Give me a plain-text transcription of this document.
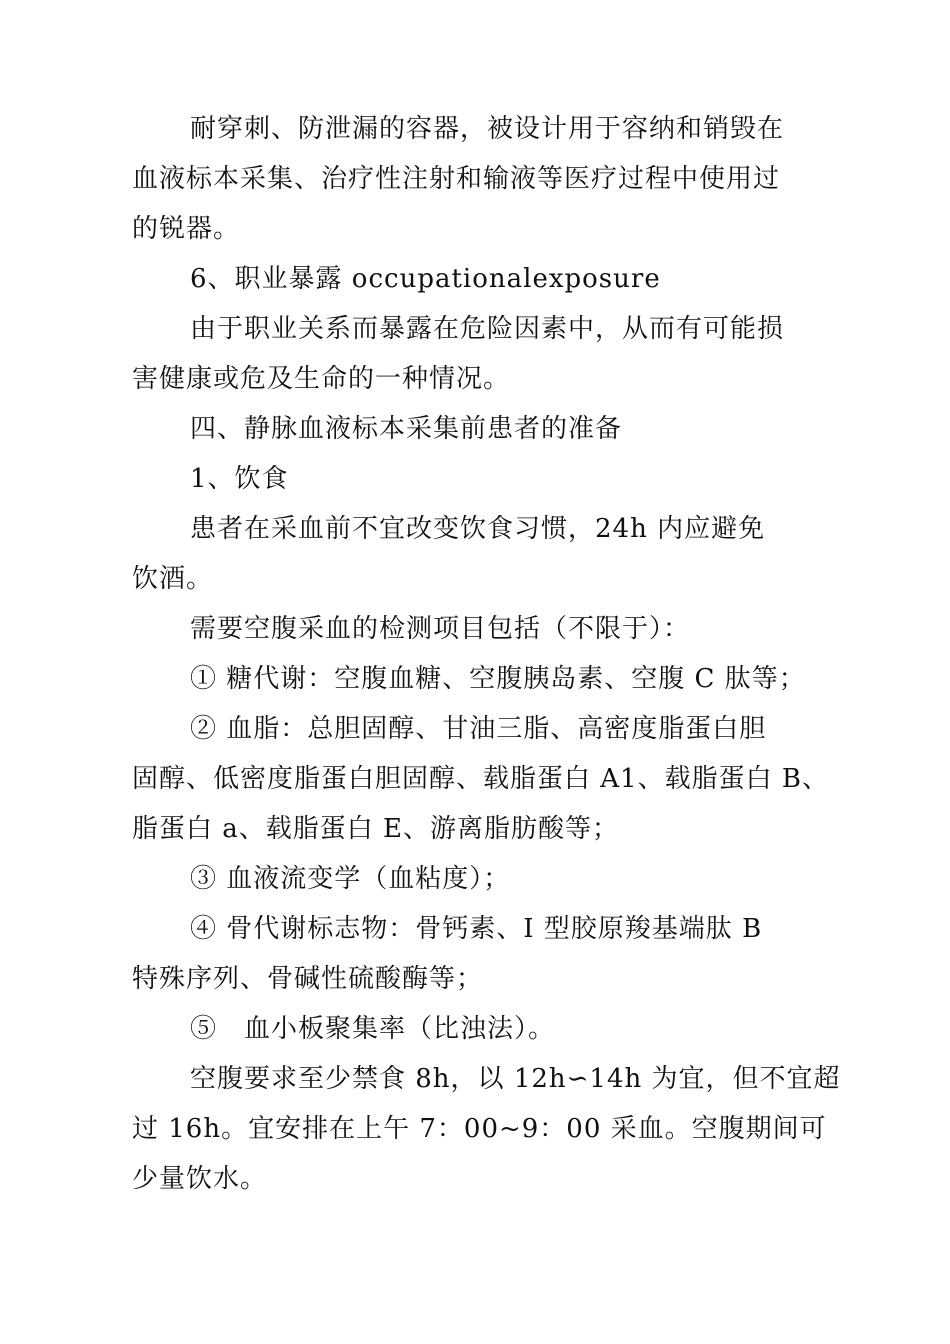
耐穿刺、防泄漏的容器，被设计用于容纳和销毁在
血液标本采集、治疗性注射和输液等医疗过程中使用过
的锐器。
6、职业暴露 occupationalexposure
由于职业关系而暴露在危险因素中，从而有可能损
害健康或危及生命的一种情况。
四、静脉血液标本采集前患者的准备
1、饮食
患者在采血前不宜改变饮食习惯，24h 内应避免
饮酒。
需要空腹采血的检测项目包括（不限于）：
① 糖代谢：空腹血糖、空腹胰岛素、空腹 C 肽等；
② 血脂：总胆固醇、甘油三脂、高密度脂蛋白胆
固醇、低密度脂蛋白胆固醇、载脂蛋白 A1、载脂蛋白 B、
脂蛋白 a、载脂蛋白 E、游离脂肪酸等；
③ 血液流变学（血粘度）；
④ 骨代谢标志物：骨钙素、I 型胶原羧基端肽 B
特殊序列、骨碱性硫酸酶等；
⑤　血小板聚集率（比浊法）。
空腹要求至少禁食 8h，以 12h∽14h 为宜，但不宜超
过 16h。宜安排在上午 7：00~9：00 采血。空腹期间可
少量饮水。
